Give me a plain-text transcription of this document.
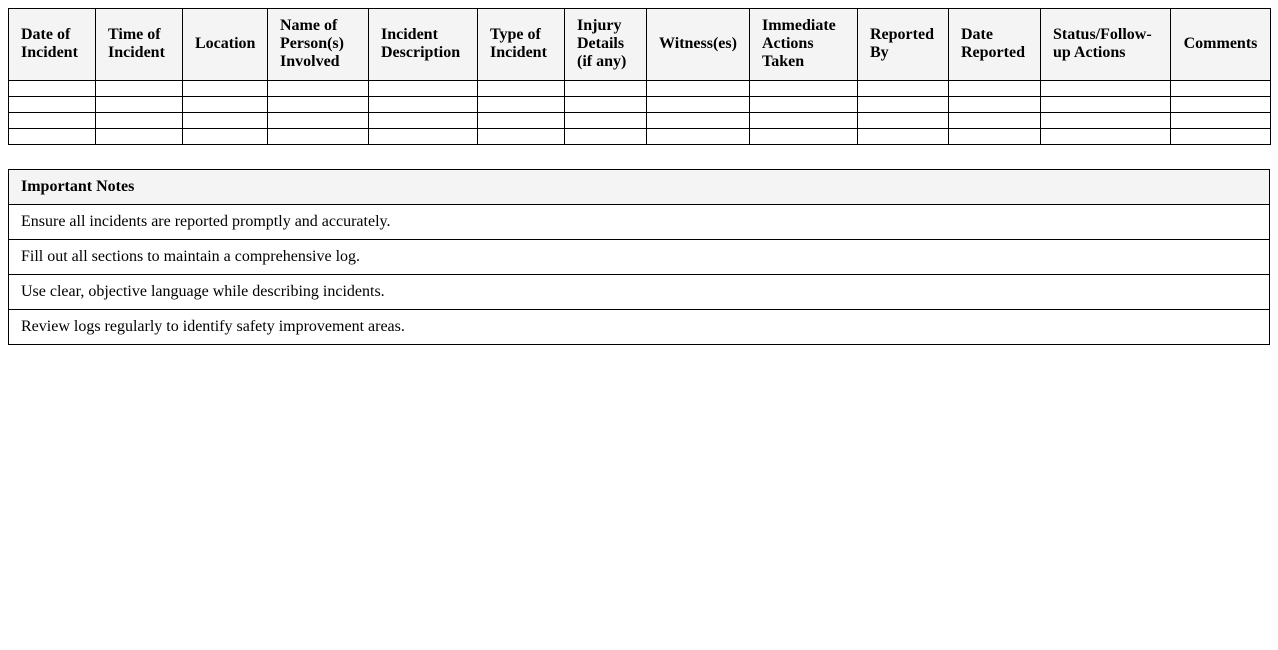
Date of Incident	Time of Incident	Location	Name of Person(s) Involved	Incident Description	Type of Incident	Injury Details (if any)	Witness(es)	Immediate Actions Taken	Reported By	Date Reported	Status/Follow-up Actions	Comments

Important Notes
Ensure all incidents are reported promptly and accurately.
Fill out all sections to maintain a comprehensive log.
Use clear, objective language while describing incidents.
Review logs regularly to identify safety improvement areas.
